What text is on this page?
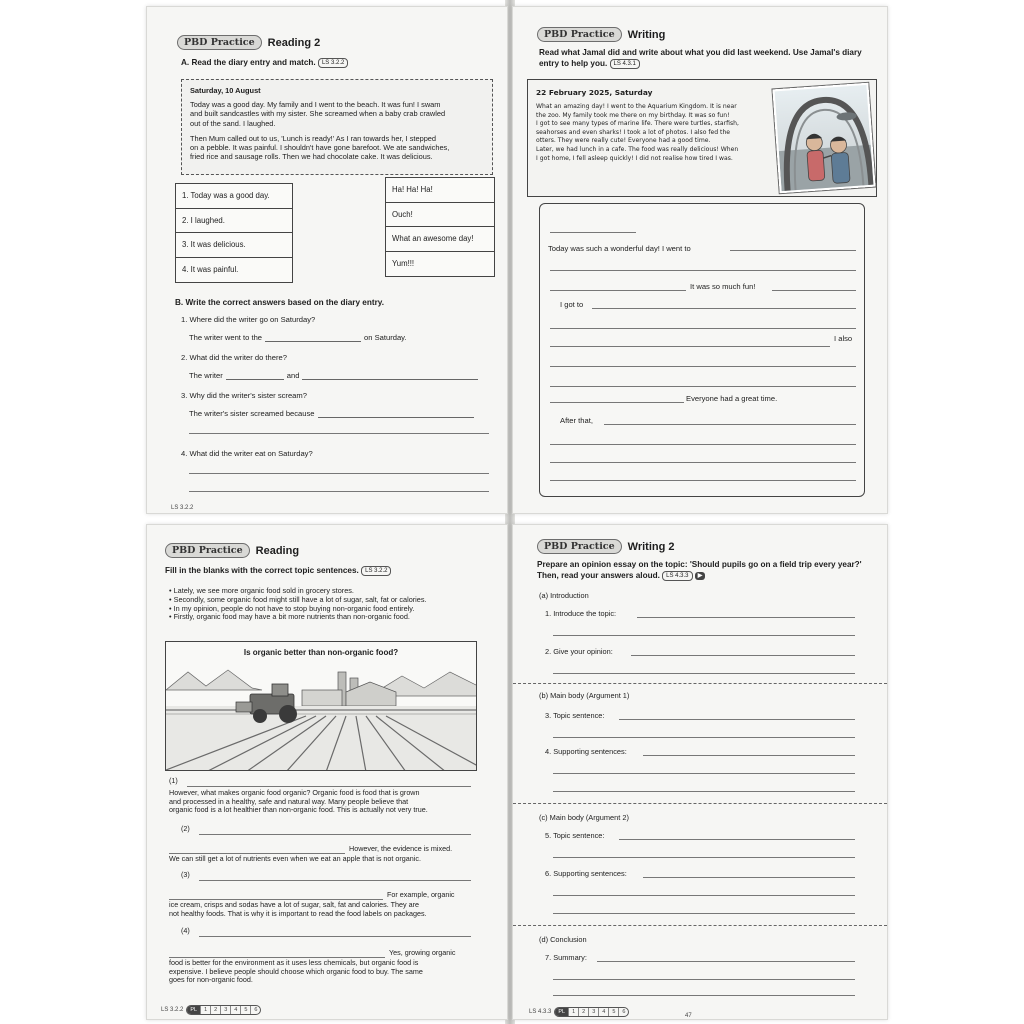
PBD Practice	Reading 2
A. Read the diary entry and match. LS 3.2.2
Saturday, 10 August

Today was a good day. My family and I went to the beach. It was fun! I swam
and built sandcastles with my sister. She screamed when a baby crab crawled
out of the sand. I laughed.

Then Mum called out to us, 'Lunch is ready!' As I ran towards her, I stepped
on a pebble. It was painful. I shouldn't have gone barefoot. We ate sandwiches,
fried rice and sausage rolls. Then we had chocolate cake. It was delicious.

1. Today was a good day.
2. I laughed.
3. It was delicious.
4. It was painful.
Ha! Ha! Ha!
Ouch!
What an awesome day!
Yum!!!
B. Write the correct answers based on the diary entry.
1. Where did the writer go on Saturday?
The writer went to the	on Saturday.
2. What did the writer do there?
The writer	and
3. Why did the writer's sister scream?
The writer's sister screamed because
4. What did the writer eat on Saturday?
LS 3.2.2
PBD Practice	Writing
Read what Jamal did and write about what you did last weekend. Use Jamal's diary
entry to help you. LS 4.3.1
22 February 2025, Saturday
What an amazing day! I went to the Aquarium Kingdom. It is near
the zoo. My family took me there on my birthday. It was so fun!
I got to see many types of marine life. There were turtles, starfish,
seahorses and even sharks! I took a lot of photos. I also fed the
otters. They were really cute! Everyone had a good time.
Later, we had lunch in a cafe. The food was really delicious! When
I got home, I fell asleep quickly! I did not realise how tired I was.
Today was such a wonderful day! I went to
It was so much fun!
I got to
I also
Everyone had a great time.
After that,
PBD Practice	Reading
Fill in the blanks with the correct topic sentences. LS 3.2.2
• Lately, we see more organic food sold in grocery stores.
• Secondly, some organic food might still have a lot of sugar, salt, fat or calories.
• In my opinion, people do not have to stop buying non-organic food entirely.
• Firstly, organic food may have a bit more nutrients than non-organic food.
Is organic better than non-organic food?
(1)
However, what makes organic food organic? Organic food is food that is grown
and processed in a healthy, safe and natural way. Many people believe that
organic food is a lot healthier than non-organic food. This is actually not very true.
(2)
However, the evidence is mixed.
We can still get a lot of nutrients even when we eat an apple that is not organic.
(3)
For example, organic
ice cream, crisps and sodas have a lot of sugar, salt, fat and calories. They are
not healthy foods. That is why it is important to read the food labels on packages.
(4)
Yes, growing organic
food is better for the environment as it uses less chemicals, but organic food is
expensive. I believe people should choose which organic food to buy. The same
goes for non-organic food.
LS 3.2.2	PL	1	2	3	4	5	6
PBD Practice	Writing 2
Prepare an opinion essay on the topic: 'Should pupils go on a field trip every year?'
Then, read your answers aloud. LS 4.3.3 ▶
(a) Introduction
1. Introduce the topic:
2. Give your opinion:
(b) Main body (Argument 1)
3. Topic sentence:
4. Supporting sentences:
(c) Main body (Argument 2)
5. Topic sentence:
6. Supporting sentences:
(d) Conclusion
7. Summary:
LS 4.3.3	PL	1	2	3	4	5	6
47
